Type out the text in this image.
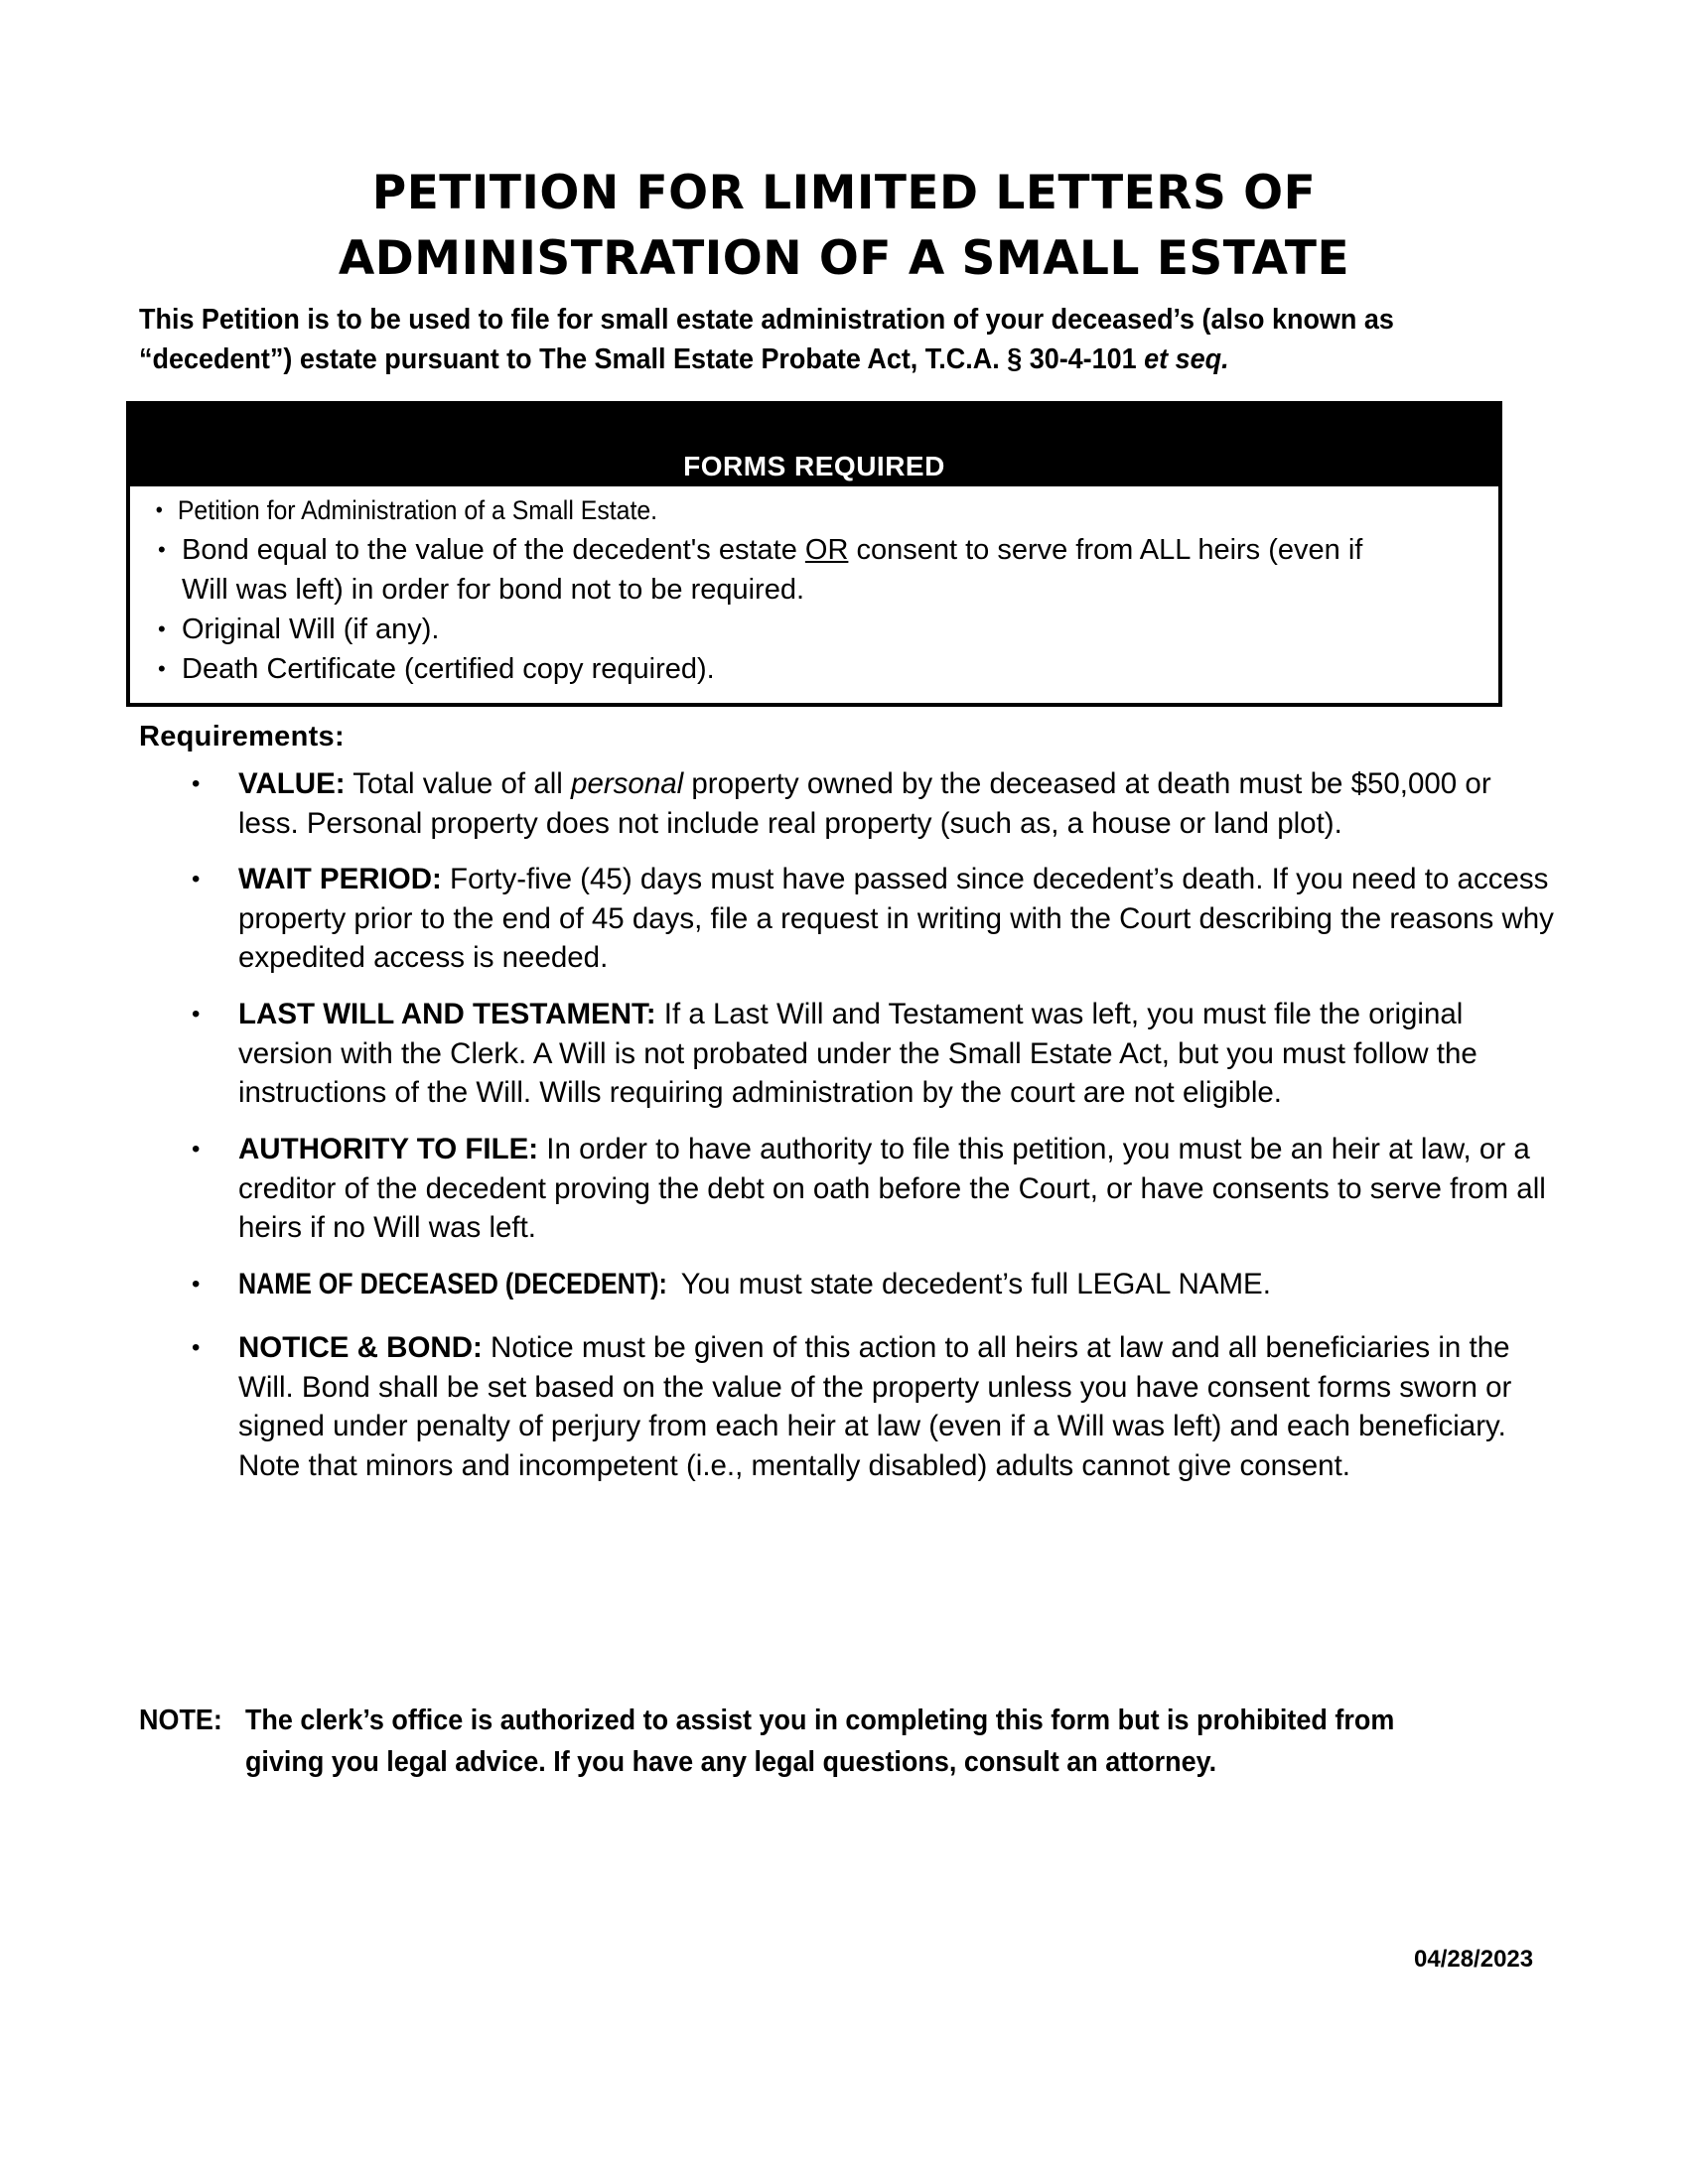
PETITION FOR LIMITED LETTERS OF
ADMINISTRATION OF A SMALL ESTATE
This Petition is to be used to file for small estate administration of your deceased’s (also known as “decedent”) estate pursuant to The Small Estate Probate Act, T.C.A. § 30-4-101 et seq.
FORMS REQUIRED
• Petition for Administration of a Small Estate.
• Bond equal to the value of the decedent's estate OR consent to serve from ALL heirs (even if Will was left) in order for bond not to be required.
• Original Will (if any).
• Death Certificate (certified copy required).
Requirements:
• VALUE: Total value of all personal property owned by the deceased at death must be $50,000 or less. Personal property does not include real property (such as, a house or land plot).
• WAIT PERIOD: Forty-five (45) days must have passed since decedent’s death. If you need to access property prior to the end of 45 days, file a request in writing with the Court describing the reasons why expedited access is needed.
• LAST WILL AND TESTAMENT: If a Last Will and Testament was left, you must file the original version with the Clerk. A Will is not probated under the Small Estate Act, but you must follow the instructions of the Will. Wills requiring administration by the court are not eligible.
• AUTHORITY TO FILE: In order to have authority to file this petition, you must be an heir at law, or a creditor of the decedent proving the debt on oath before the Court, or have consents to serve from all heirs if no Will was left.
• NAME OF DECEASED (DECEDENT): You must state decedent’s full LEGAL NAME.
• NOTICE & BOND: Notice must be given of this action to all heirs at law and all beneficiaries in the Will. Bond shall be set based on the value of the property unless you have consent forms sworn or signed under penalty of perjury from each heir at law (even if a Will was left) and each beneficiary. Note that minors and incompetent (i.e., mentally disabled) adults cannot give consent.
NOTE: The clerk’s office is authorized to assist you in completing this form but is prohibited from giving you legal advice. If you have any legal questions, consult an attorney.
04/28/2023
